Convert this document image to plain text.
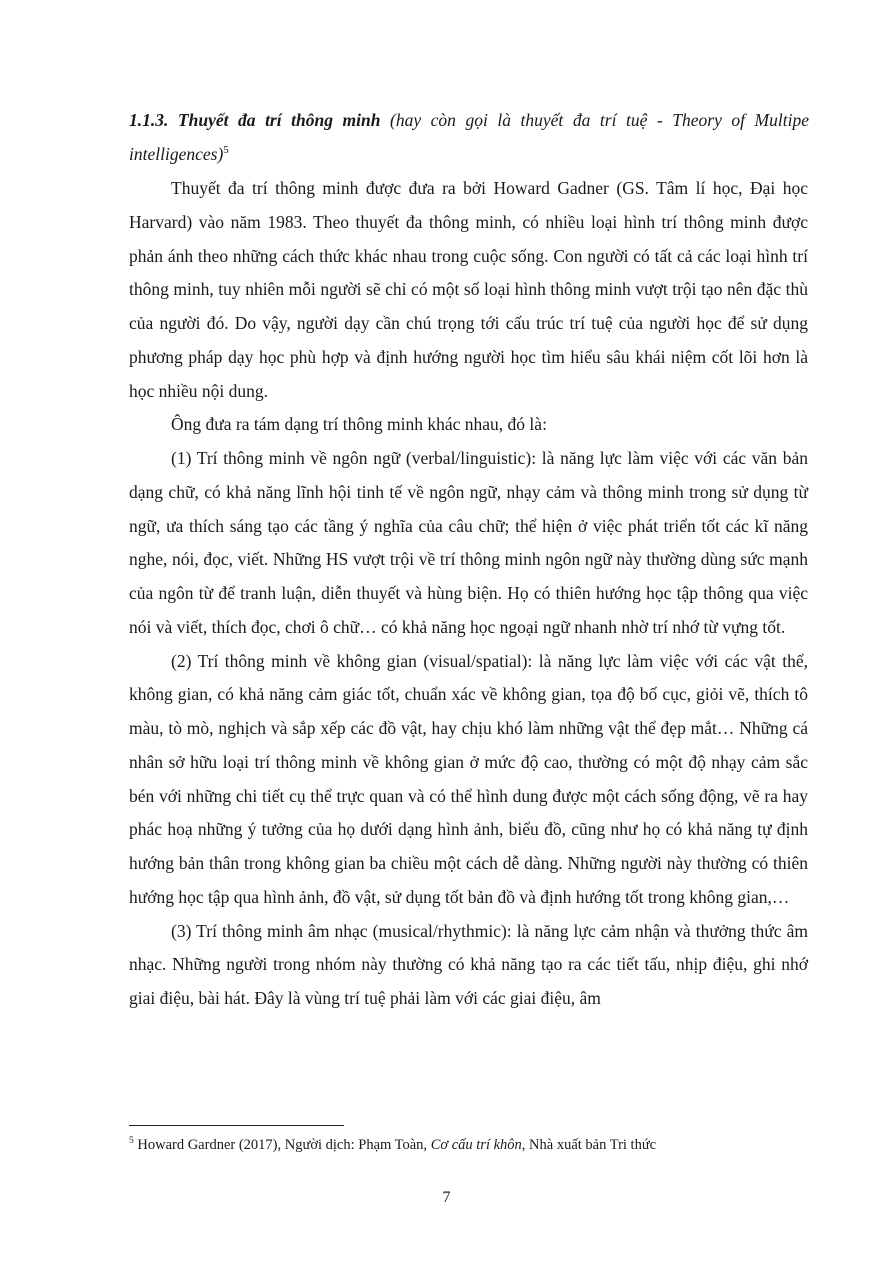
1.1.3. Thuyết đa trí thông minh (hay còn gọi là thuyết đa trí tuệ - Theory of Multipe intelligences)$^5$

Thuyết đa trí thông minh được đưa ra bởi Howard Gadner (GS. Tâm lí học, Đại học Harvard) vào năm 1983. Theo thuyết đa thông minh, có nhiều loại hình trí thông minh được phản ánh theo những cách thức khác nhau trong cuộc sống. Con người có tất cả các loại hình trí thông minh, tuy nhiên mỗi người sẽ chỉ có một số loại hình thông minh vượt trội tạo nên đặc thù của người đó. Do vậy, người dạy cần chú trọng tới cấu trúc trí tuệ của người học để sử dụng phương pháp dạy học phù hợp và định hướng người học tìm hiểu sâu khái niệm cốt lõi hơn là học nhiều nội dung.

Ông đưa ra tám dạng trí thông minh khác nhau, đó là:

(1) Trí thông minh về ngôn ngữ (verbal/linguistic): là năng lực làm việc với các văn bản dạng chữ, có khả năng lĩnh hội tinh tế về ngôn ngữ, nhạy cảm và thông minh trong sử dụng từ ngữ, ưa thích sáng tạo các tầng ý nghĩa của câu chữ; thể hiện ở việc phát triển tốt các kĩ năng nghe, nói, đọc, viết. Những HS vượt trội về trí thông minh ngôn ngữ này thường dùng sức mạnh của ngôn từ để tranh luận, diễn thuyết và hùng biện. Họ có thiên hướng học tập thông qua việc nói và viết, thích đọc, chơi ô chữ… có khả năng học ngoại ngữ nhanh nhờ trí nhớ từ vựng tốt.

(2) Trí thông minh về không gian (visual/spatial): là năng lực làm việc với các vật thể, không gian, có khả năng cảm giác tốt, chuẩn xác về không gian, tọa độ bố cục, giỏi vẽ, thích tô màu, tò mò, nghịch và sắp xếp các đồ vật, hay chịu khó làm những vật thể đẹp mắt… Những cá nhân sở hữu loại trí thông minh về không gian ở mức độ cao, thường có một độ nhạy cảm sắc bén với những chi tiết cụ thể trực quan và có thể hình dung được một cách sống động, vẽ ra hay phác hoạ những ý tưởng của họ dưới dạng hình ảnh, biểu đồ, cũng như họ có khả năng tự định hướng bản thân trong không gian ba chiều một cách dễ dàng. Những người này thường có thiên hướng học tập qua hình ảnh, đồ vật, sử dụng tốt bản đồ và định hướng tốt trong không gian,…

(3) Trí thông minh âm nhạc (musical/rhythmic): là năng lực cảm nhận và thưởng thức âm nhạc. Những người trong nhóm này thường có khả năng tạo ra các tiết tấu, nhịp điệu, ghi nhớ giai điệu, bài hát. Đây là vùng trí tuệ phải làm với các giai điệu, âm

$^5$ Howard Gardner (2017), Người dịch: Phạm Toàn, Cơ cấu trí khôn, Nhà xuất bản Tri thức
7
